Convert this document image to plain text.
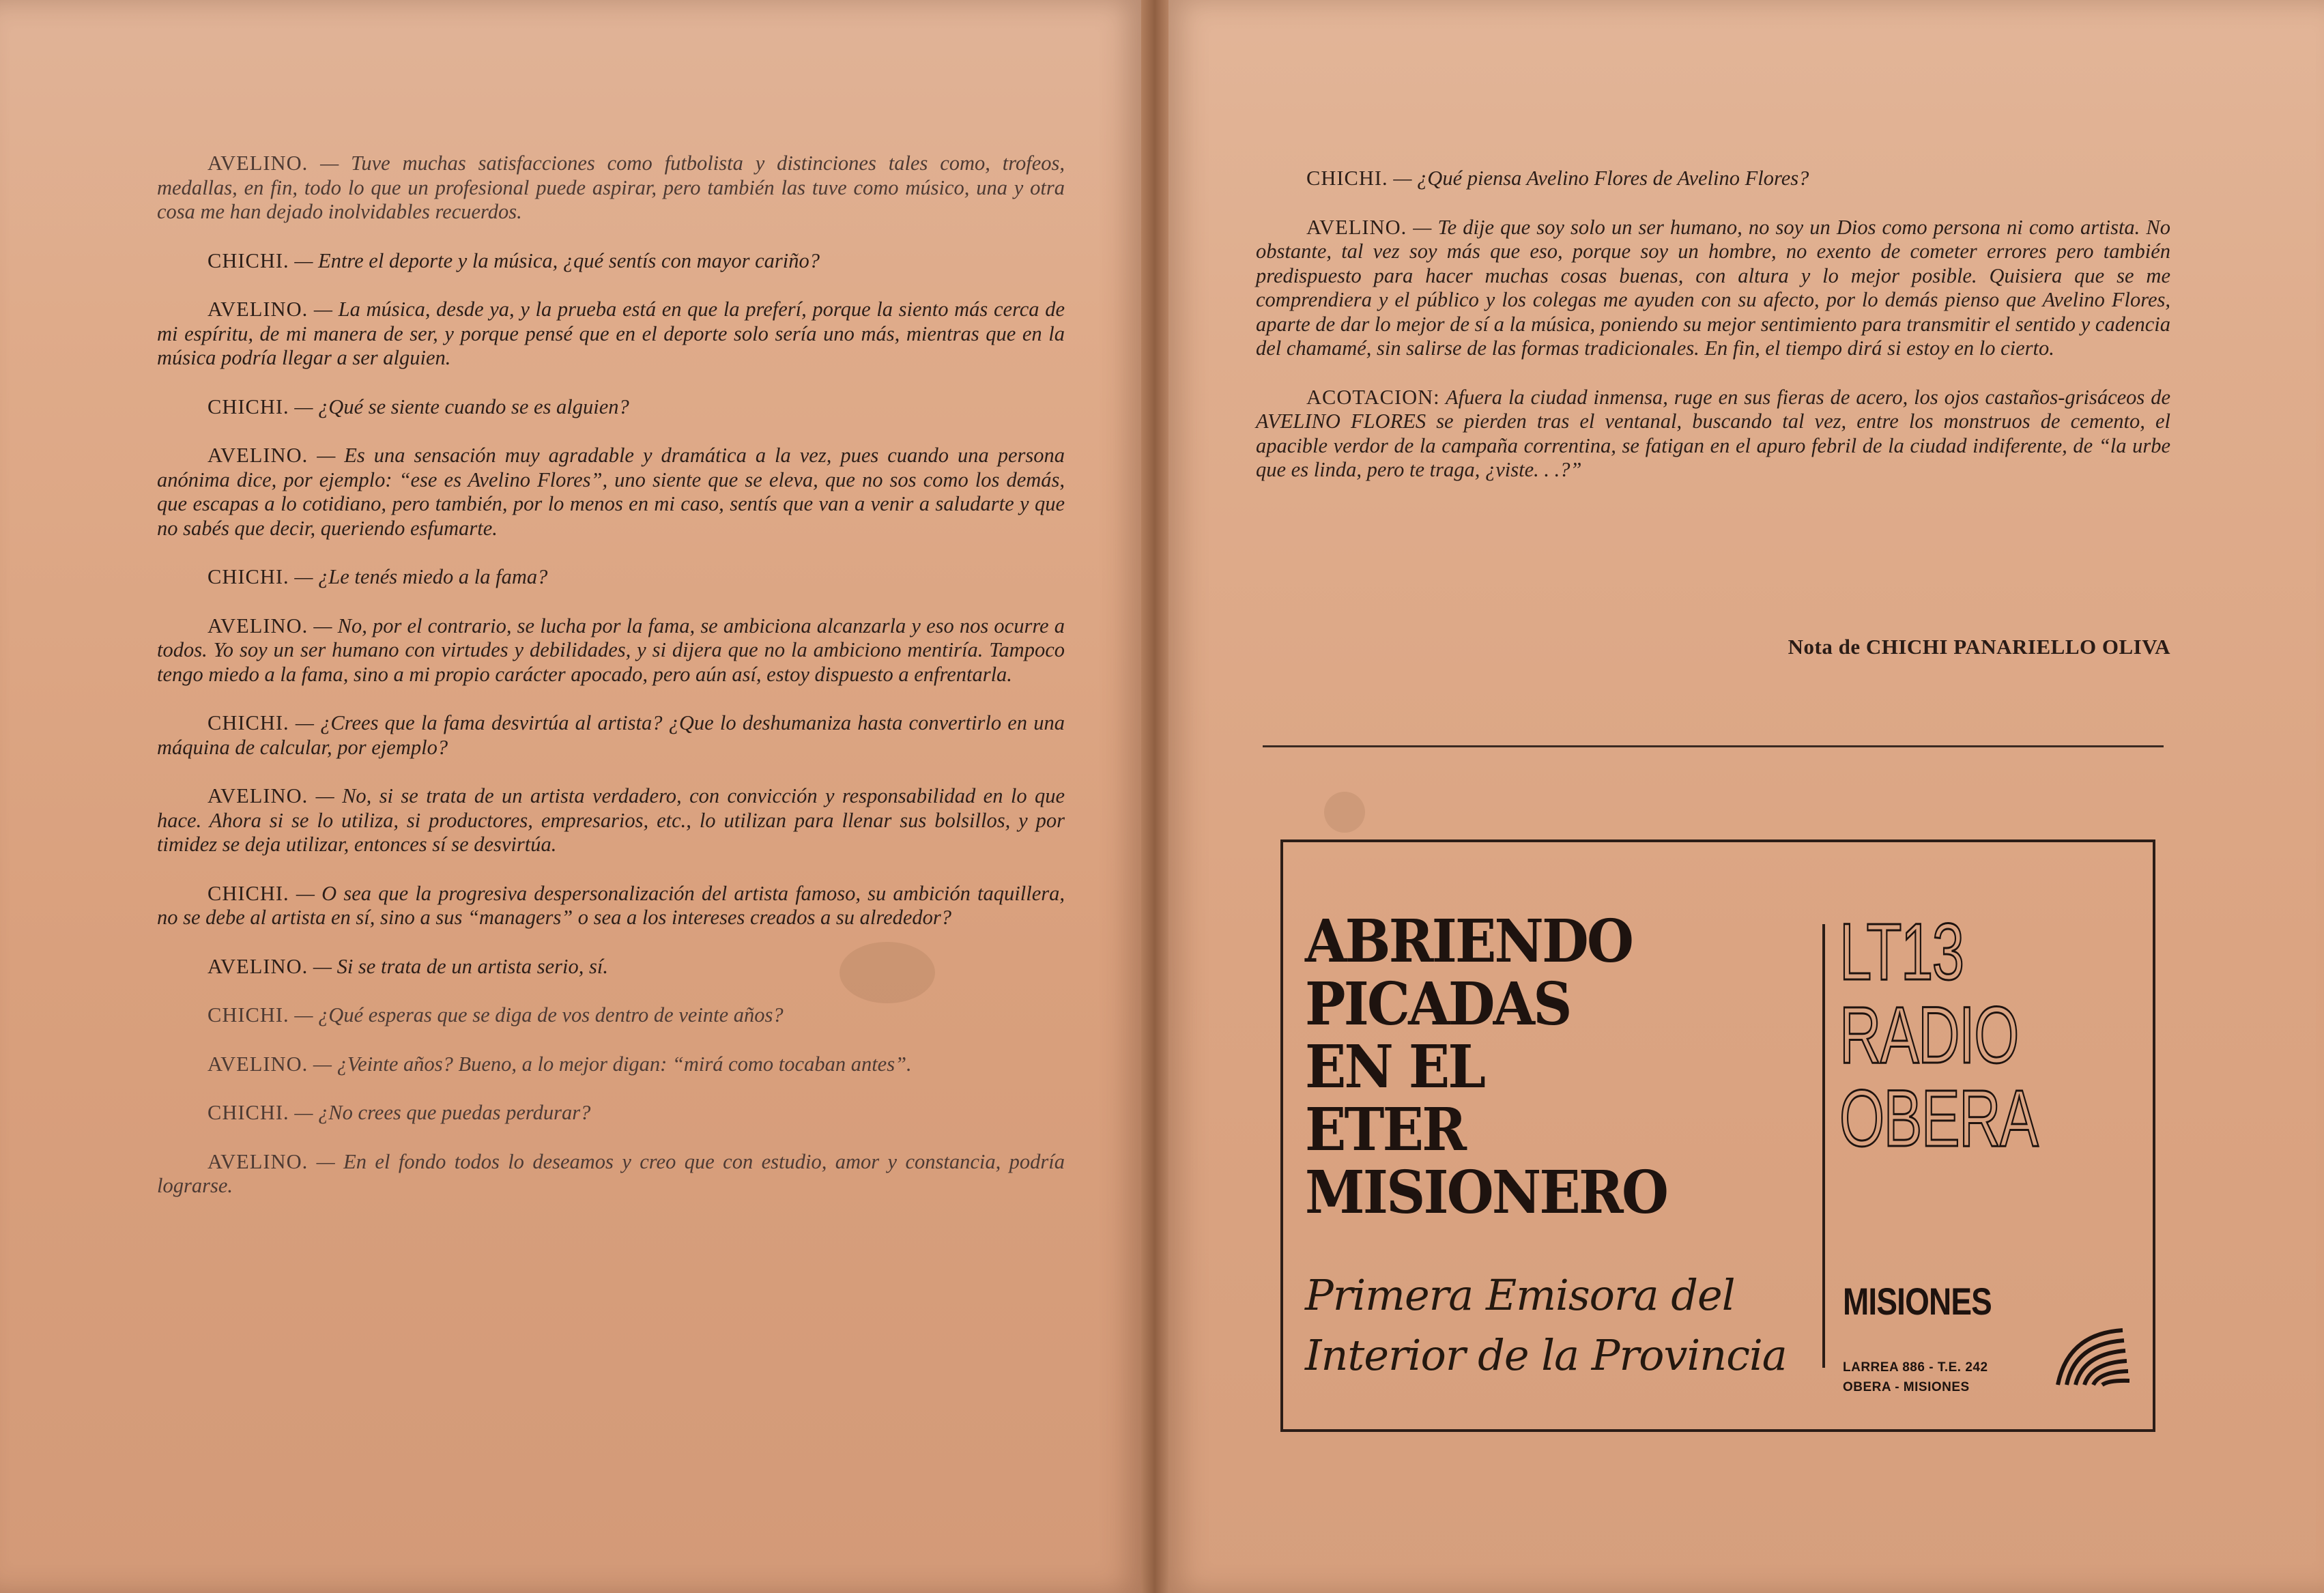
AVELINO. — Tuve muchas satisfacciones como futbolista y distinciones tales como, trofeos, medallas, en fin, todo lo que un profesional puede aspirar, pero también las tuve como músico, una y otra cosa me han dejado inolvidables recuerdos.

CHICHI. — Entre el deporte y la música, ¿qué sentís con mayor cariño?

AVELINO. — La música, desde ya, y la prueba está en que la preferí, porque la siento más cerca de mi espíritu, de mi manera de ser, y porque pensé que en el deporte solo sería uno más, mientras que en la música podría llegar a ser alguien.

CHICHI. — ¿Qué se siente cuando se es alguien?

AVELINO. — Es una sensación muy agradable y dramática a la vez, pues cuando una persona anónima dice, por ejemplo: “ese es Avelino Flores”, uno siente que se eleva, que no sos como los demás, que escapas a lo cotidiano, pero también, por lo menos en mi caso, sentís que van a venir a saludarte y que no sabés que decir, queriendo esfumarte.

CHICHI. — ¿Le tenés miedo a la fama?

AVELINO. — No, por el contrario, se lucha por la fama, se ambiciona alcanzarla y eso nos ocurre a todos. Yo soy un ser humano con virtudes y debilidades, y si dijera que no la ambiciono mentiría. Tampoco tengo miedo a la fama, sino a mi propio carácter apocado, pero aún así, estoy dispuesto a enfrentarla.

CHICHI. — ¿Crees que la fama desvirtúa al artista? ¿Que lo deshumaniza hasta convertirlo en una máquina de calcular, por ejemplo?

AVELINO. — No, si se trata de un artista verdadero, con convicción y responsabilidad en lo que hace. Ahora si se lo utiliza, si productores, empresarios, etc., lo utilizan para llenar sus bolsillos, y por timidez se deja utilizar, entonces sí se desvirtúa.

CHICHI. — O sea que la progresiva despersonalización del artista famoso, su ambición taquillera, no se debe al artista en sí, sino a sus “managers” o sea a los intereses creados a su alrededor?

AVELINO. — Si se trata de un artista serio, sí.

CHICHI. — ¿Qué esperas que se diga de vos dentro de veinte años?

AVELINO. — ¿Veinte años? Bueno, a lo mejor digan: “mirá como tocaban antes”.

CHICHI. — ¿No crees que puedas perdurar?

AVELINO. — En el fondo todos lo deseamos y creo que con estudio, amor y constancia, podría lograrse.

CHICHI. — ¿Qué piensa Avelino Flores de Avelino Flores?

AVELINO. — Te dije que soy solo un ser humano, no soy un Dios como persona ni como artista. No obstante, tal vez soy más que eso, porque soy un hombre, no exento de cometer errores pero también predispuesto para hacer muchas cosas buenas, con altura y lo mejor posible. Quisiera que se me comprendiera y el público y los colegas me ayuden con su afecto, por lo demás pienso que Avelino Flores, aparte de dar lo mejor de sí a la música, poniendo su mejor sentimiento para transmitir el sentido y cadencia del chamamé, sin salirse de las formas tradicionales. En fin, el tiempo dirá si estoy en lo cierto.

ACOTACION: Afuera la ciudad inmensa, ruge en sus fieras de acero, los ojos castaños-grisáceos de AVELINO FLORES se pierden tras el ventanal, buscando tal vez, entre los monstruos de cemento, el apacible verdor de la campaña correntina, se fatigan en el apuro febril de la ciudad indiferente, de “la urbe que es linda, pero te traga, ¿viste. . .?”

Nota de CHICHI PANARIELLO OLIVA
ABRIENDO
PICADAS
EN EL
ETER
MISIONERO
Primera Emisora del
Interior de la Provincia
LT13
RADIO
OBERA
MISIONES
LARREA 886 - T.E. 242
OBERA - MISIONES
